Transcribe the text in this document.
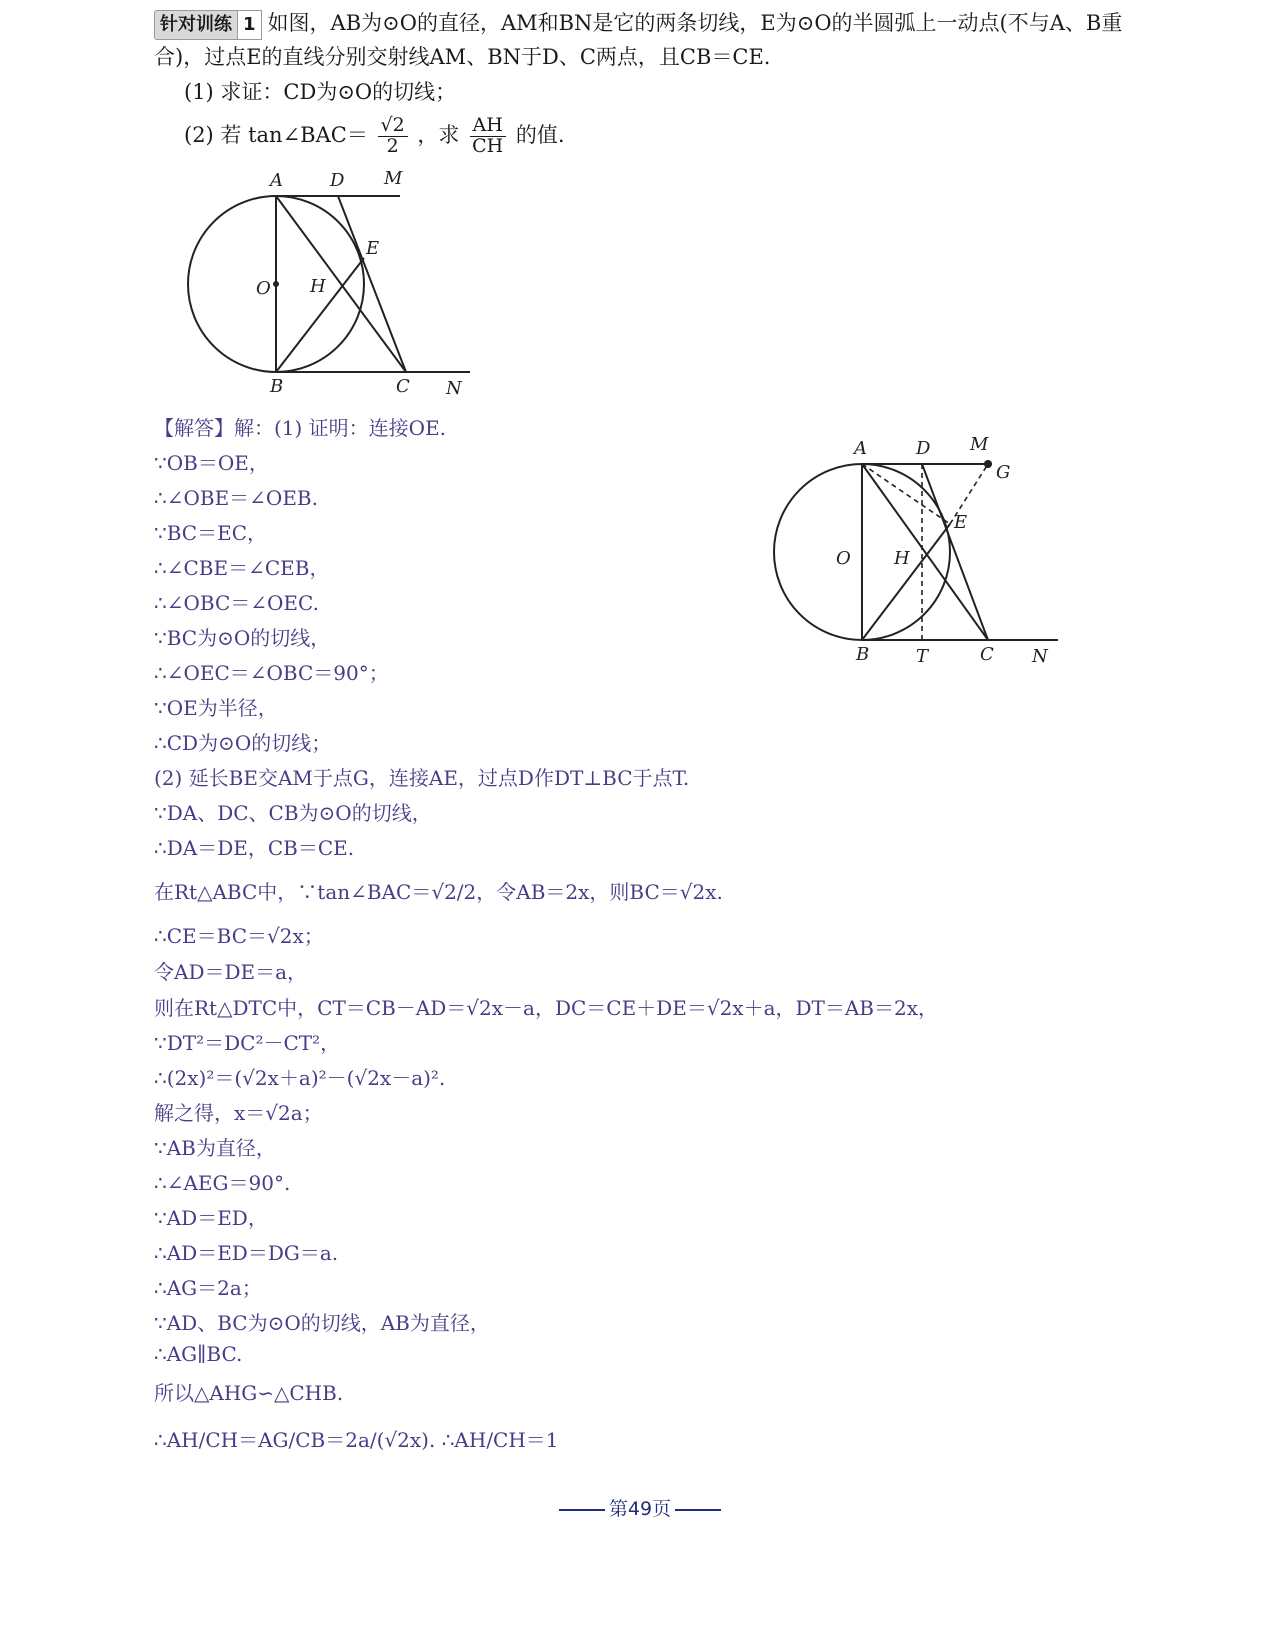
针对训练 1 如图，AB为⊙O的直径，AM和BN是它的两条切线，E为⊙O的半圆弧上一动点(不与A、B重合)，过点E的直线分别交射线AM、BN于D、C两点，且CB＝CE.
(1) 求证：CD为⊙O的切线；
(2) 若 tan∠BAC＝ $\frac{√2}{2}$ ，求 $\frac{AH}{CH}$ 的值.
A	D M
E
O H
B	C N
A	D M
G
E
O H
B	T	C N
【解答】解：(1) 证明：连接OE.
∵OB＝OE，
∴∠OBE＝∠OEB.
∵BC＝EC，
∴∠CBE＝∠CEB，
∴∠OBC＝∠OEC.
∵BC为⊙O的切线，
∴∠OEC＝∠OBC＝90°；
∵OE为半径，
∴CD为⊙O的切线；
(2) 延长BE交AM于点G，连接AE，过点D作DT⊥BC于点T.
∵DA、DC、CB为⊙O的切线，
∴DA＝DE，CB＝CE.
在Rt△ABC中，∵tan∠BAC＝√2/2，令AB＝2x，则BC＝√2x.
∴CE＝BC＝√2x；
令AD＝DE＝a，
则在Rt△DTC中，CT＝CB－AD＝√2x－a，DC＝CE＋DE＝√2x＋a，DT＝AB＝2x，
∵DT²＝DC²－CT²，
∴(2x)²＝(√2x＋a)²－(√2x－a)².
解之得，x＝√2a；
∵AB为直径，
∴∠AEG＝90°.
∵AD＝ED，
∴AD＝ED＝DG＝a.
∴AG＝2a；
∵AD、BC为⊙O的切线，AB为直径，
∴AG∥BC.
所以△AHG∽△CHB.
∴AH/CH＝AG/CB＝2a/(√2x). ∴AH/CH＝1
第49页
